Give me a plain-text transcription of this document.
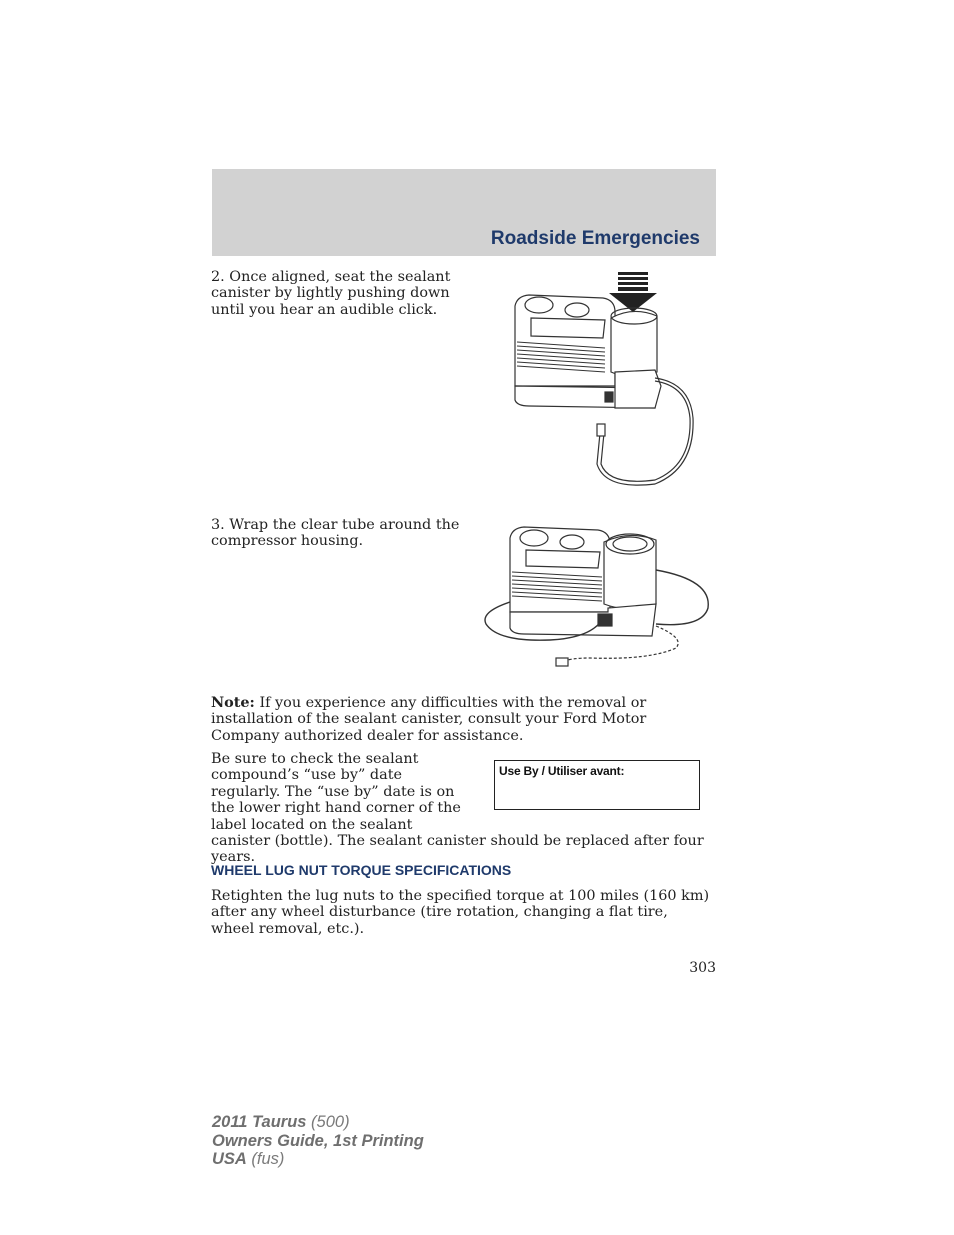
Roadside Emergencies

2. Once aligned, seat the sealant canister by lightly pushing down until you hear an audible click.

3. Wrap the clear tube around the compressor housing.

Note: If you experience any difficulties with the removal or installation of the sealant canister, consult your Ford Motor Company authorized dealer for assistance.

Be sure to check the sealant compound’s “use by” date regularly. The “use by” date is on the lower right hand corner of the label located on the sealant canister (bottle). The sealant canister should be replaced after four years.

Use By / Utiliser avant:
WHEEL LUG NUT TORQUE SPECIFICATIONS

Retighten the lug nuts to the specified torque at 100 miles (160 km) after any wheel disturbance (tire rotation, changing a flat tire, wheel removal, etc.).

303
2011 Taurus (500)
Owners Guide, 1st Printing
USA (fus)
